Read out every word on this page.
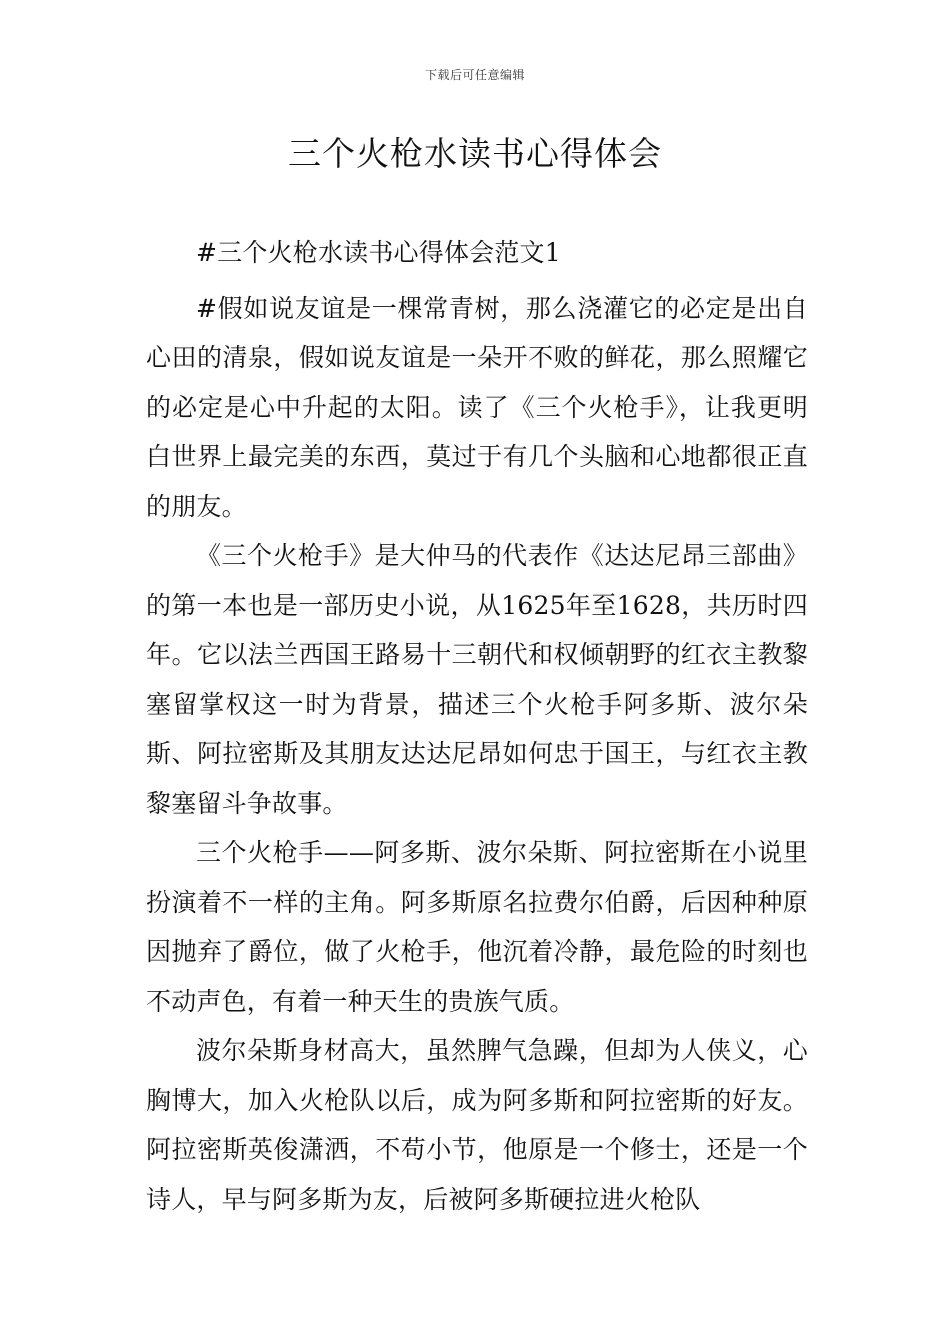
下载后可任意编辑
三个火枪水读书心得体会

#三个火枪水读书心得体会范文1

#假如说友谊是一棵常青树，那么浇灌它的必定是出自心田的清泉，假如说友谊是一朵开不败的鲜花，那么照耀它的必定是心中升起的太阳。读了《三个火枪手》，让我更明白世界上最完美的东西，莫过于有几个头脑和心地都很正直的朋友。

《三个火枪手》是大仲马的代表作《达达尼昂三部曲》的第一本也是一部历史小说，从1625年至1628，共历时四年。它以法兰西国王路易十三朝代和权倾朝野的红衣主教黎塞留掌权这一时为背景，描述三个火枪手阿多斯、波尔朵斯、阿拉密斯及其朋友达达尼昂如何忠于国王，与红衣主教黎塞留斗争故事。

三个火枪手——阿多斯、波尔朵斯、阿拉密斯在小说里扮演着不一样的主角。阿多斯原名拉费尔伯爵，后因种种原因抛弃了爵位，做了火枪手，他沉着冷静，最危险的时刻也不动声色，有着一种天生的贵族气质。

波尔朵斯身材高大，虽然脾气急躁，但却为人侠义，心胸博大，加入火枪队以后，成为阿多斯和阿拉密斯的好友。阿拉密斯英俊潇洒，不苟小节，他原是一个修士，还是一个诗人，早与阿多斯为友，后被阿多斯硬拉进火枪队
